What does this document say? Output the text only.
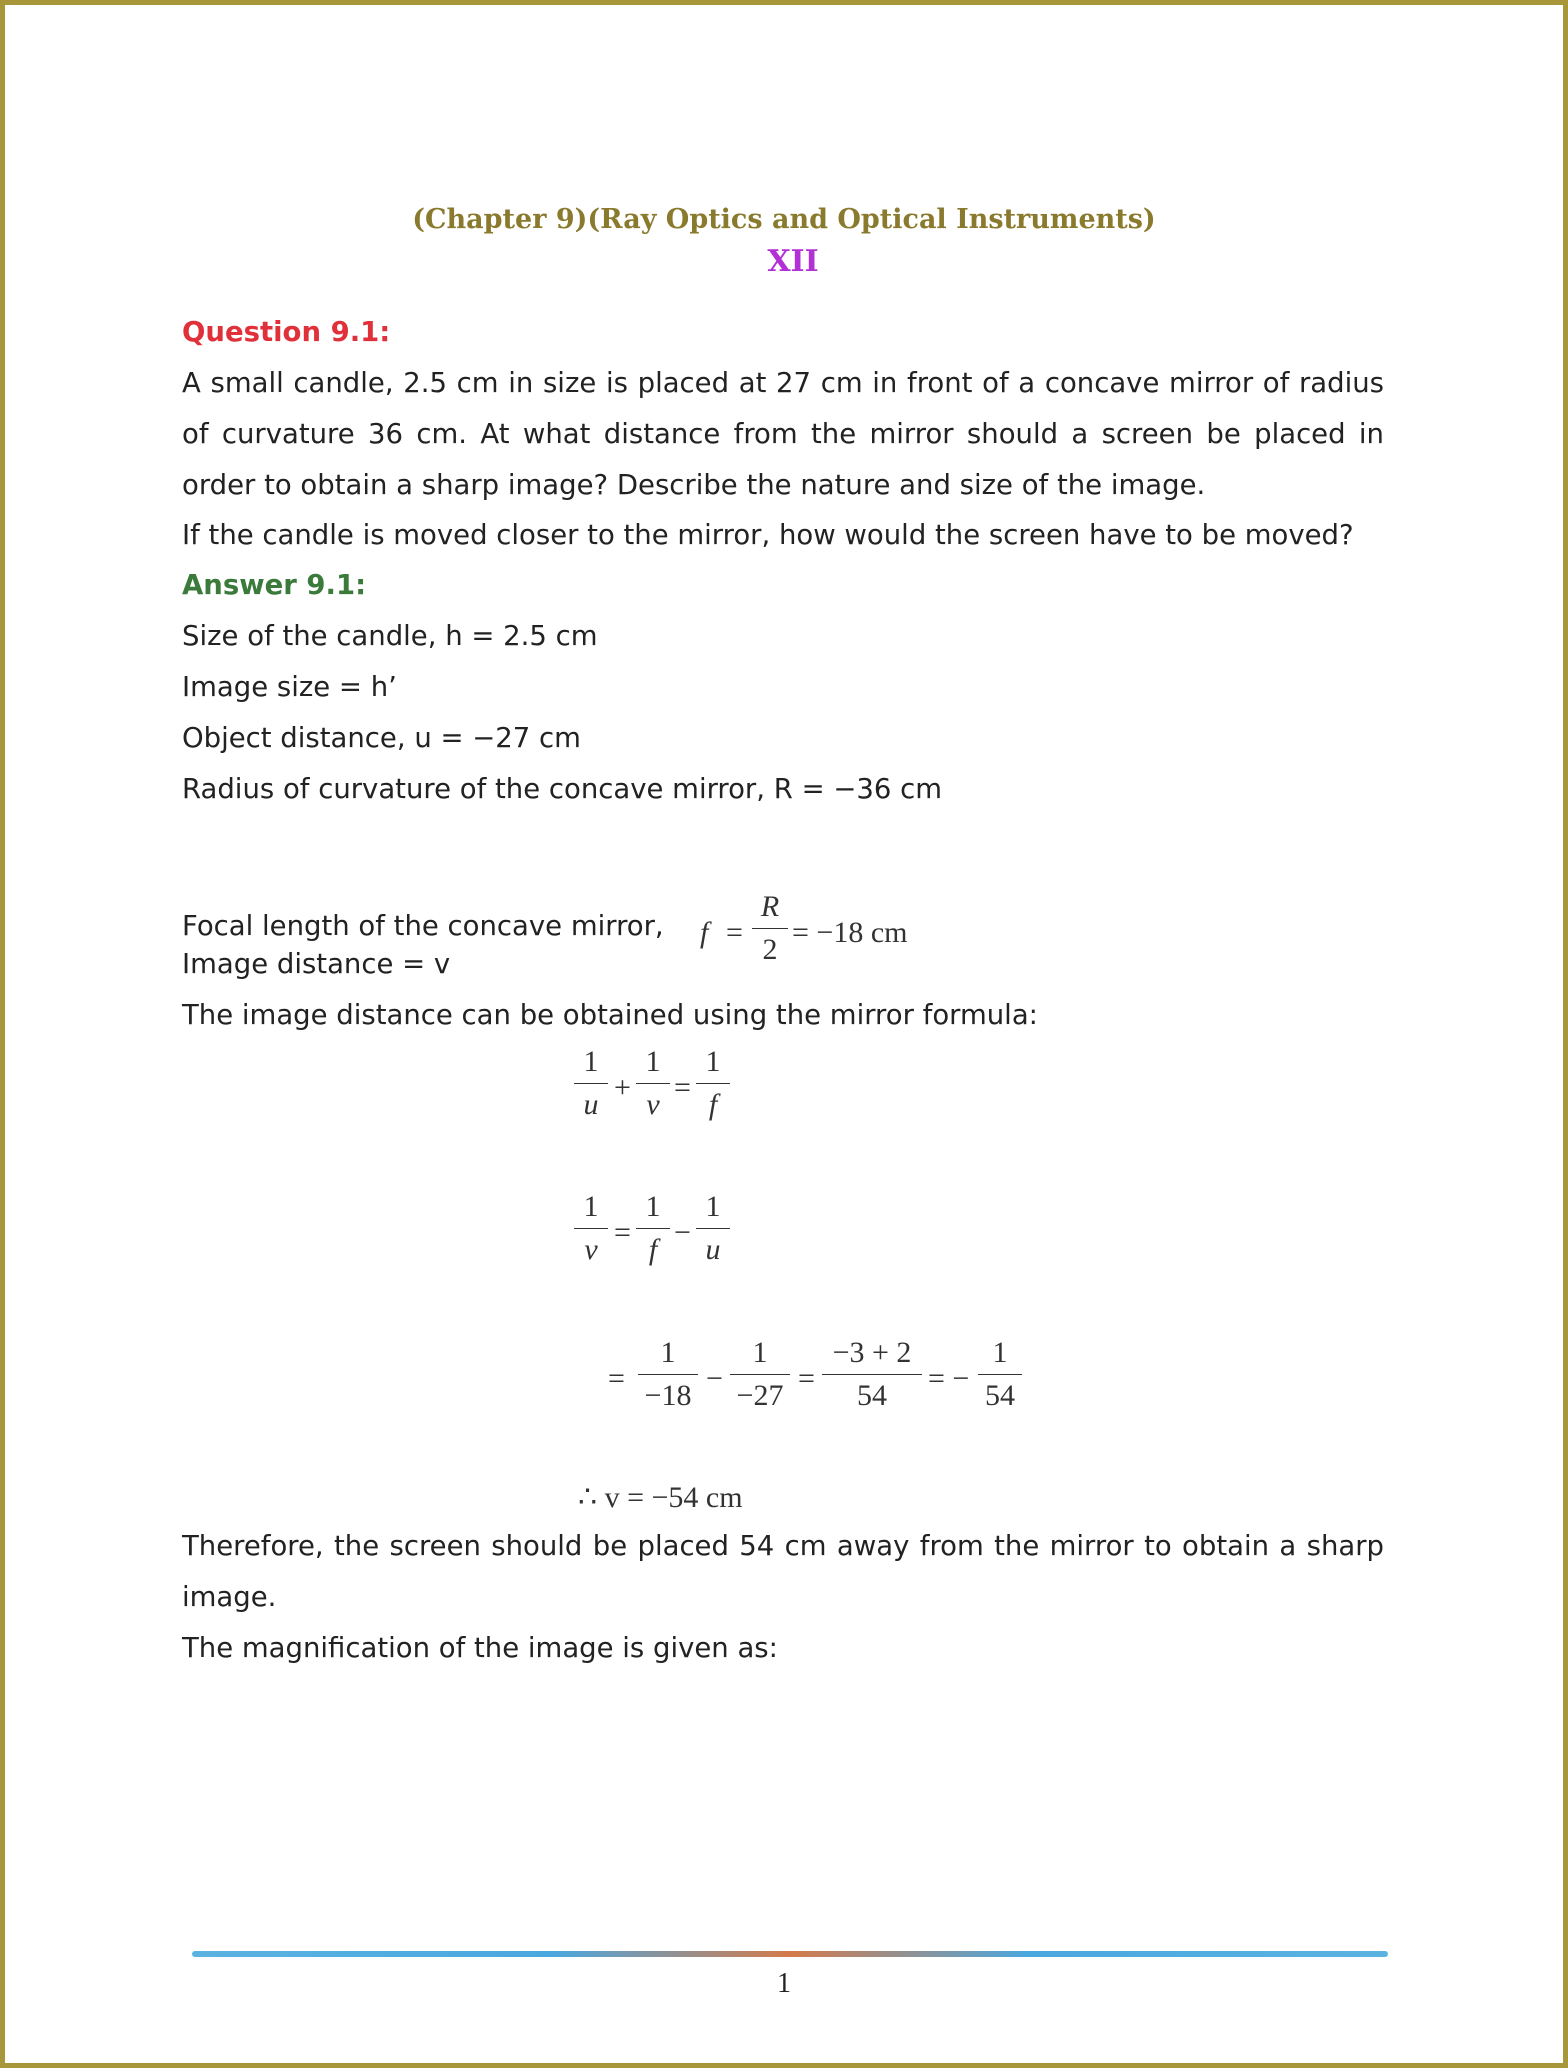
(Chapter 9)(Ray Optics and Optical Instruments)
XII
Question 9.1:
A small candle, 2.5 cm in size is placed at 27 cm in front of a concave mirror of radius
of curvature 36 cm. At what distance from the mirror should a screen be placed in
order to obtain a sharp image? Describe the nature and size of the image.
If the candle is moved closer to the mirror, how would the screen have to be moved?
Answer 9.1:
Size of the candle, h = 2.5 cm
Image size = h’
Object distance, u = −27 cm
Radius of curvature of the concave mirror, R = −36 cm
Focal length of the concave mirror, f =
R
2
= −18 cm
Image distance = v
The image distance can be obtained using the mirror formula:
1
u
+
1
v
=
1
f
1
v
=
1
f
−
1
u
=
1
−18
−
1
−27
=
−3 + 2
54
= −
1
54
∴ v = −54 cm
Therefore, the screen should be placed 54 cm away from the mirror to obtain a sharp
image.
The magnification of the image is given as:
1
